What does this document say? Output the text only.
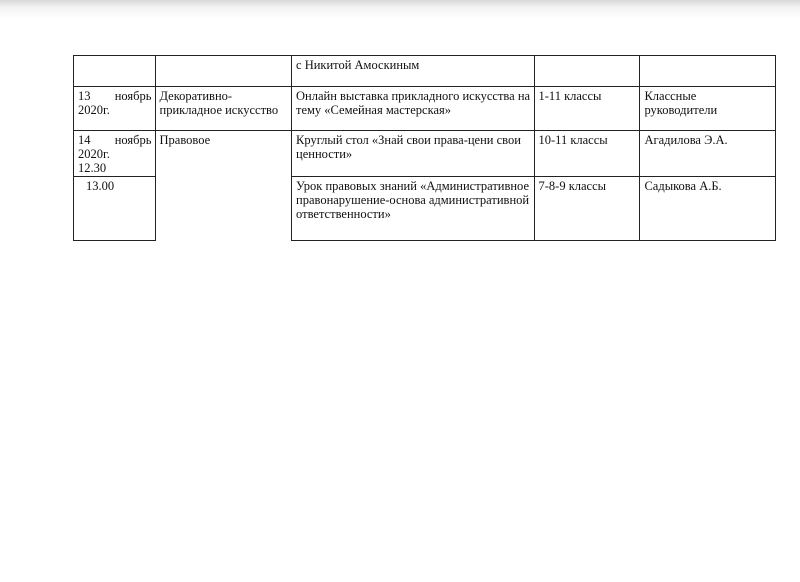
		с Никитой Амоскиным		

13 ноябрь
2020г.	Декоративно-прикладное искусство	Онлайн выставка прикладного искусства на тему «Семейная мастерская»	1-11 классы	Классные руководители

14 ноябрь
2020г.
12.30	Правовое	Круглый стол «Знай свои права-цени свои ценности»	10-11 классы	Агадилова Э.А.

13.00		Урок правовых знаний «Административное правонарушение-основа административной ответственности»	7-8-9 классы	Садыкова А.Б.
